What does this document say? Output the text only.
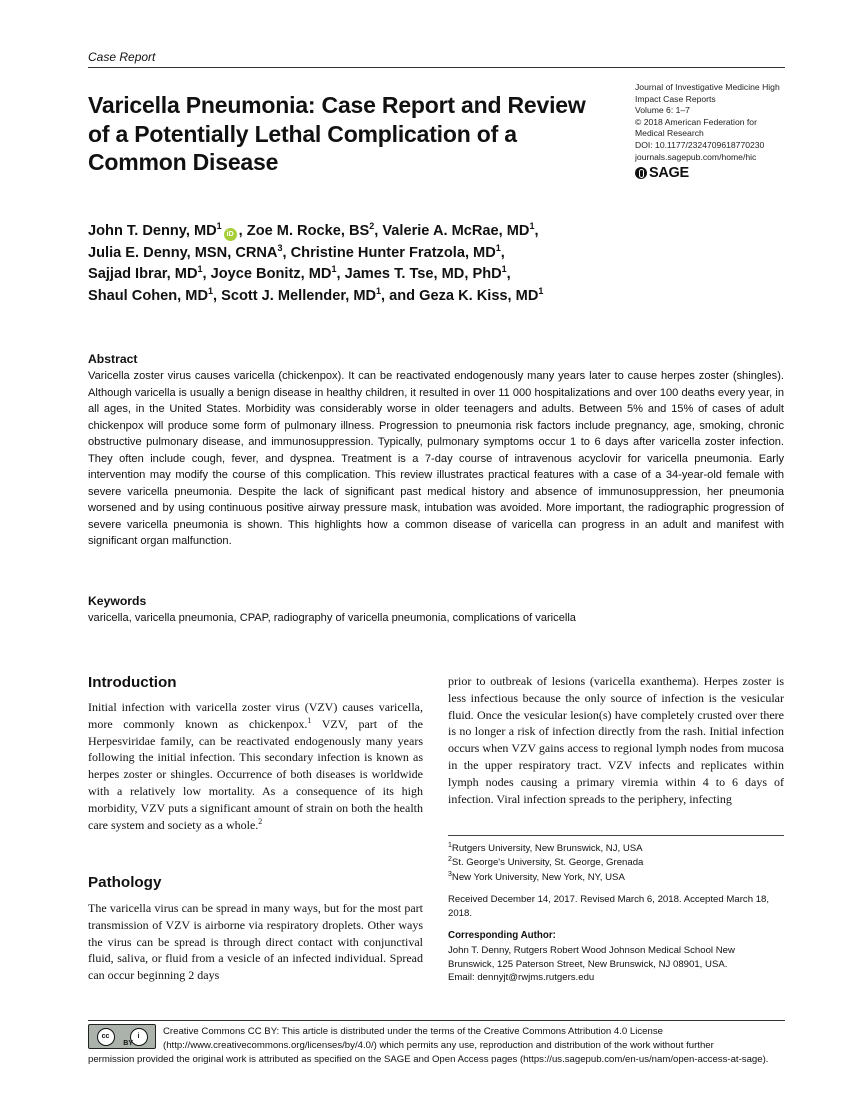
Case Report
Varicella Pneumonia: Case Report and Review of a Potentially Lethal Complication of a Common Disease
Journal of Investigative Medicine High
Impact Case Reports
Volume 6: 1–7
© 2018 American Federation for
Medical Research
DOI: 10.1177/2324709618770230
journals.sagepub.com/home/hic
SAGE
John T. Denny, $MD^1iD$ , Zoe M. Rocke, $BS^2$, Valerie A. McRae, $MD^1$,
Julia E. Denny, MSN, CRNA$^3$, Christine Hunter Fratzola, $MD^1$,
Sajjad Ibrar, $MD^1$, Joyce Bonitz, $MD^1$, James T. Tse, MD, PhD$^1$,
Shaul Cohen, $MD^1$, Scott J. Mellender, $MD^1$, and Geza K. Kiss, $MD^1$
Abstract
Varicella zoster virus causes varicella (chickenpox). It can be reactivated endogenously many years later to cause herpes zoster (shingles). Although varicella is usually a benign disease in healthy children, it resulted in over 11 000 hospitalizations and over 100 deaths every year, in all ages, in the United States. Morbidity was considerably worse in older teenagers and adults. Between 5% and 15% of cases of adult chickenpox will produce some form of pulmonary illness. Progression to pneumonia risk factors include pregnancy, age, smoking, chronic obstructive pulmonary disease, and immunosuppression. Typically, pulmonary symptoms occur 1 to 6 days after varicella zoster infection. They often include cough, fever, and dyspnea. Treatment is a 7-day course of intravenous acyclovir for varicella pneumonia. Early intervention may modify the course of this complication. This review illustrates practical features with a case of a 34-year-old female with severe varicella pneumonia. Despite the lack of significant past medical history and absence of immunosuppression, her pneumonia worsened and by using continuous positive airway pressure mask, intubation was avoided. More important, the radiographic progression of severe varicella pneumonia is shown. This highlights how a common disease of varicella can progress in an adult and manifest with significant organ malfunction.
Keywords
varicella, varicella pneumonia, CPAP, radiography of varicella pneumonia, complications of varicella
Introduction
Initial infection with varicella zoster virus (VZV) causes varicella, more commonly known as chickenpox.$^1$ VZV, part of the Herpesviridae family, can be reactivated endogenously many years following the initial infection. This secondary infection is known as herpes zoster or shingles. Occurrence of both diseases is worldwide with a relatively low mortality. As a consequence of its high morbidity, VZV puts a significant amount of strain on both the health care system and society as a whole.$^2$
Pathology
The varicella virus can be spread in many ways, but for the most part transmission of VZV is airborne via respiratory droplets. Other ways the virus can be spread is through direct contact with conjunctival fluid, saliva, or fluid from a vesicle of an infected individual. Spread can occur beginning 2 days
prior to outbreak of lesions (varicella exanthema). Herpes zoster is less infectious because the only source of infection is the vesicular fluid. Once the vesicular lesion(s) have completely crusted over there is no longer a risk of infection directly from the rash. Initial infection occurs when VZV gains access to regional lymph nodes from mucosa in the upper respiratory tract. VZV infects and replicates within lymph nodes causing a primary viremia within 4 to 6 days of infection. Viral infection spreads to the periphery, infecting
$^1$Rutgers University, New Brunswick, NJ, USA
$^2$St. George's University, St. George, Grenada
$^3$New York University, New York, NY, USA
Received December 14, 2017. Revised March 6, 2018. Accepted March 18, 2018.
Corresponding Author:
John T. Denny, Rutgers Robert Wood Johnson Medical School New
Brunswick, 125 Paterson Street, New Brunswick, NJ 08901, USA.
Email: dennyjt@rwjms.rutgers.edu
cc	i
BY
Creative Commons CC BY: This article is distributed under the terms of the Creative Commons Attribution 4.0 License
(http://www.creativecommons.org/licenses/by/4.0/) which permits any use, reproduction and distribution of the work without further
permission provided the original work is attributed as specified on the SAGE and Open Access pages (https://us.sagepub.com/en-us/nam/open-access-at-sage).
